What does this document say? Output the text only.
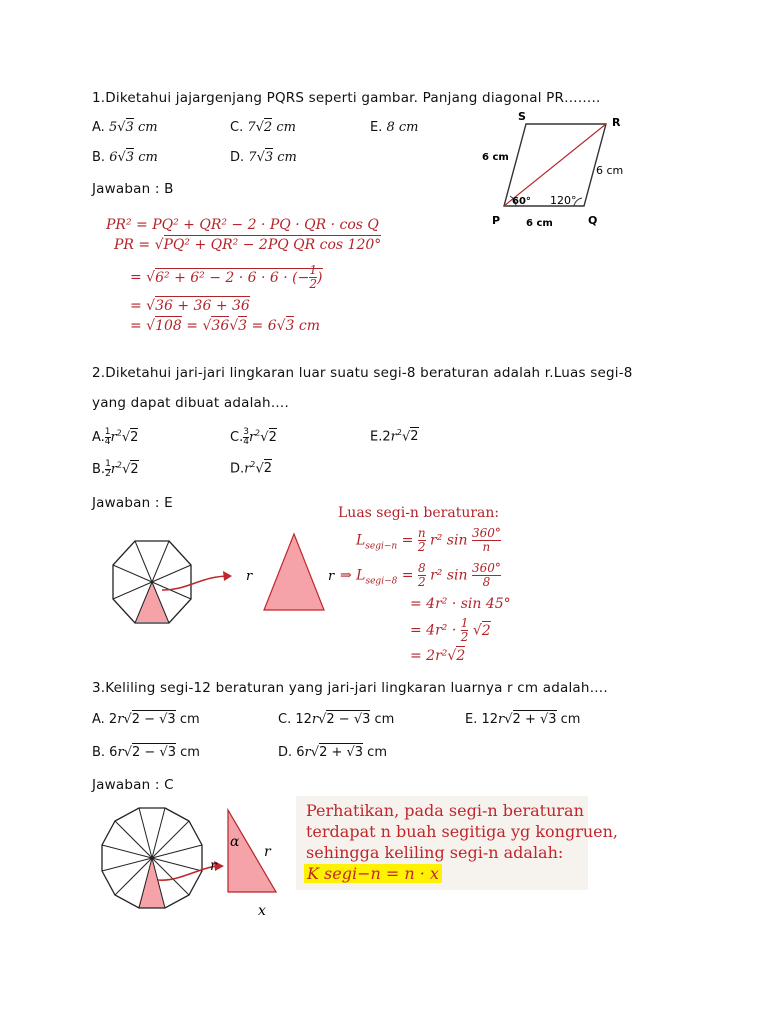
1.Diketahui jajargenjang PQRS seperti gambar. Panjang diagonal PR……..
A. 5√3 cm	C. 7√2 cm	E. 8 cm
B. 6√3 cm	D. 7√3 cm
Jawaban : B
P	Q
R
S
6 cm
6 cm
6 cm
60° 120°
PR² = PQ² + QR² − 2 · PQ · QR · cos Q
PR = √PQ² + QR² − 2PQ QR cos 120°
= √6² + 6² − 2 · 6 · 6 · (− $\frac{1}{2}$ )
= √36 + 36 + 36
= √108 = √36√3 = 6√3 cm
2.Diketahui jari-jari lingkaran luar suatu segi-8 beraturan adalah r.Luas segi-8
yang dapat dibuat adalah….
A. $\frac{1}{4} r^2√2$	C. $\frac{3}{4} r^2√2$	$E.2r^2√2$
B. $\frac{1}{2} r^2√2$	$D.r^2√2$
Jawaban : E
r	r
Luas segi-n beraturan:
$L_{segi-n} = \frac{n}{2} r^2$ $\sin \frac{360^\circ}{n}$
⇒ $L_{segi-8} = \frac{8}{2} r^2$ $\sin \frac{360^\circ}{8}$
= 4r² · sin 45°
= $4r^2 \cdot \frac{1}{2} √2$
= 2r²√2
3.Keliling segi-12 beraturan yang jari-jari lingkaran luarnya r cm adalah….
A. 2r√2 − √3 cm	C. 12r√2 − √3 cm	E. 12r√2 + √3 cm
B. 6r√2 − √3 cm	D. 6r√2 + √3 cm
Jawaban : C
α
r
r
x
Perhatikan, pada segi-n beraturan
terdapat n buah segitiga yg kongruen,
sehingga keliling segi-n adalah:
K segi−n = n · x
